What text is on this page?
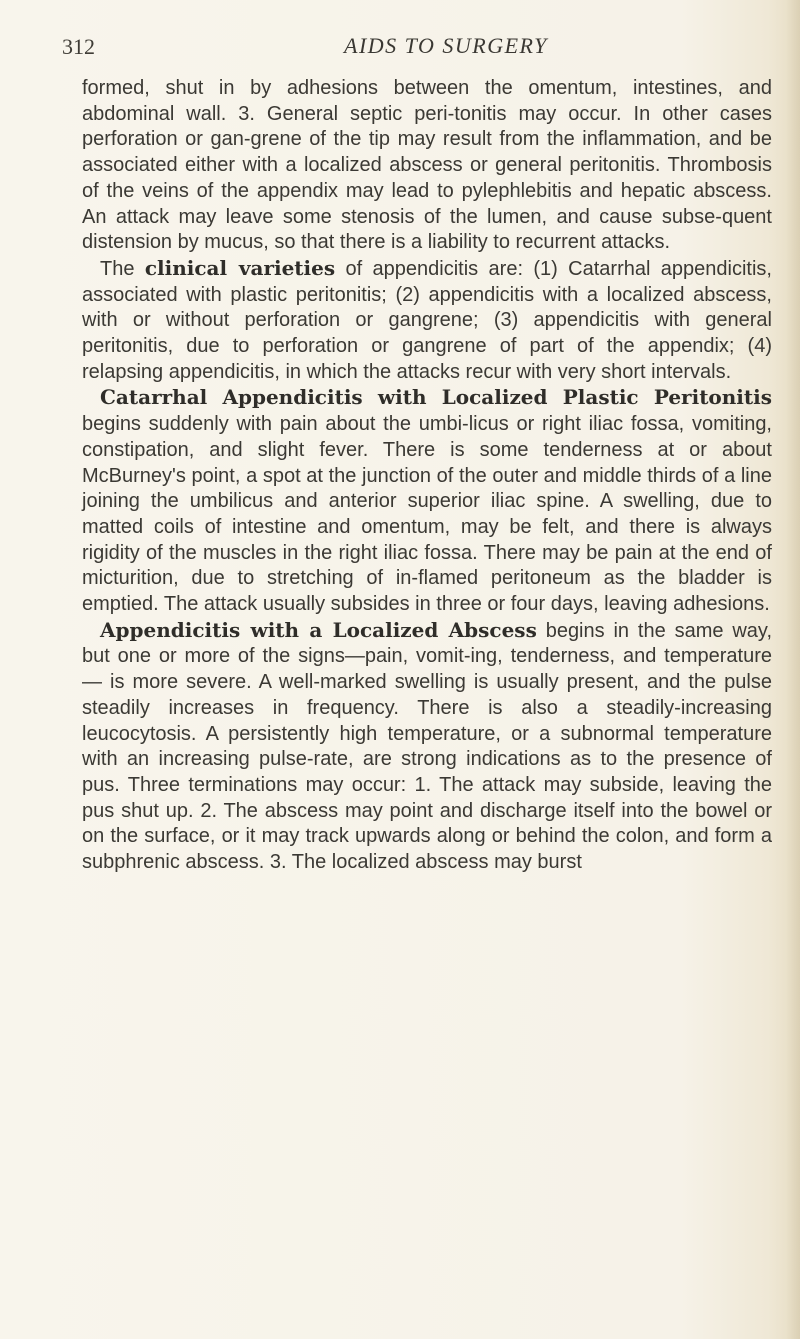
312	AIDS TO SURGERY

formed, shut in by adhesions between the omentum, intestines, and abdominal wall. 3. General septic peri-tonitis may occur. In other cases perforation or gan-grene of the tip may result from the inflammation, and be associated either with a localized abscess or general peritonitis. Thrombosis of the veins of the appendix may lead to pylephlebitis and hepatic abscess. An attack may leave some stenosis of the lumen, and cause subse-quent distension by mucus, so that there is a liability to recurrent attacks.

The clinical varieties of appendicitis are: (1) Catarrhal appendicitis, associated with plastic peritonitis; (2) appendicitis with a localized abscess, with or without perforation or gangrene; (3) appendicitis with general peritonitis, due to perforation or gangrene of part of the appendix; (4) relapsing appendicitis, in which the attacks recur with very short intervals.

Catarrhal Appendicitis with Localized Plastic Peritonitis begins suddenly with pain about the umbi-licus or right iliac fossa, vomiting, constipation, and slight fever. There is some tenderness at or about McBurney's point, a spot at the junction of the outer and middle thirds of a line joining the umbilicus and anterior superior iliac spine. A swelling, due to matted coils of intestine and omentum, may be felt, and there is always rigidity of the muscles in the right iliac fossa. There may be pain at the end of micturition, due to stretching of in-flamed peritoneum as the bladder is emptied. The attack usually subsides in three or four days, leaving adhesions.

Appendicitis with a Localized Abscess begins in the same way, but one or more of the signs—pain, vomit-ing, tenderness, and temperature — is more severe. A well-marked swelling is usually present, and the pulse steadily increases in frequency. There is also a steadily-increasing leucocytosis. A persistently high temperature, or a subnormal temperature with an increasing pulse-rate, are strong indications as to the presence of pus. Three terminations may occur: 1. The attack may subside, leaving the pus shut up. 2. The abscess may point and discharge itself into the bowel or on the surface, or it may track upwards along or behind the colon, and form a subphrenic abscess. 3. The localized abscess may burst
